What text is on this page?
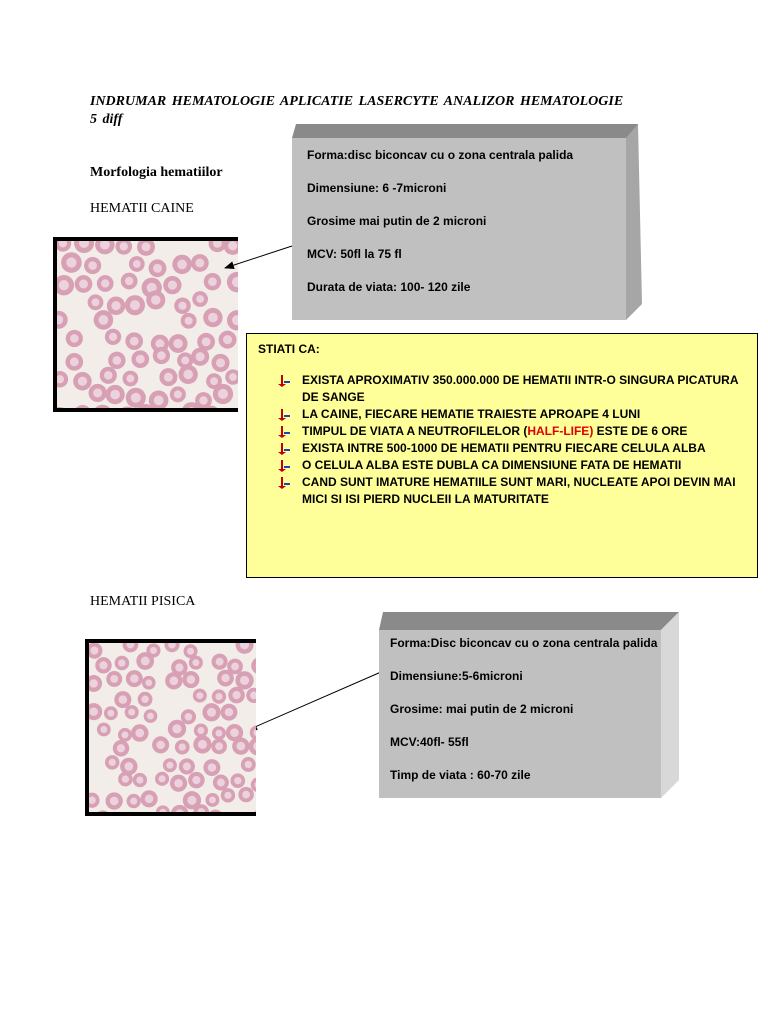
INDRUMAR HEMATOLOGIE APLICATIE LASERCYTE ANALIZOR HEMATOLOGIE
5 diff
Morfologia hematiilor
HEMATII CAINE
Forma:disc biconcav cu o zona centrala palida
Dimensiune: 6 -7microni
Grosime mai putin de 2 microni
MCV: 50fl la 75 fl
Durata de viata: 100- 120 zile
STIATI CA:
EXISTA APROXIMATIV 350.000.000 DE HEMATII INTR-O SINGURA PICATURA DE SANGE
LA CAINE, FIECARE HEMATIE TRAIESTE APROAPE 4 LUNI
TIMPUL DE VIATA A NEUTROFILELOR (HALF-LIFE) ESTE DE 6 ORE
EXISTA INTRE 500-1000 DE HEMATII PENTRU FIECARE CELULA ALBA
O CELULA ALBA ESTE DUBLA CA DIMENSIUNE FATA DE HEMATII
CAND SUNT IMATURE HEMATIILE SUNT MARI, NUCLEATE APOI DEVIN MAI MICI SI ISI PIERD NUCLEII LA MATURITATE
HEMATII PISICA
Forma:Disc biconcav cu o zona centrala palida
Dimensiune:5-6microni
Grosime: mai putin de 2 microni
MCV:40fl- 55fl
Timp de viata : 60-70 zile
